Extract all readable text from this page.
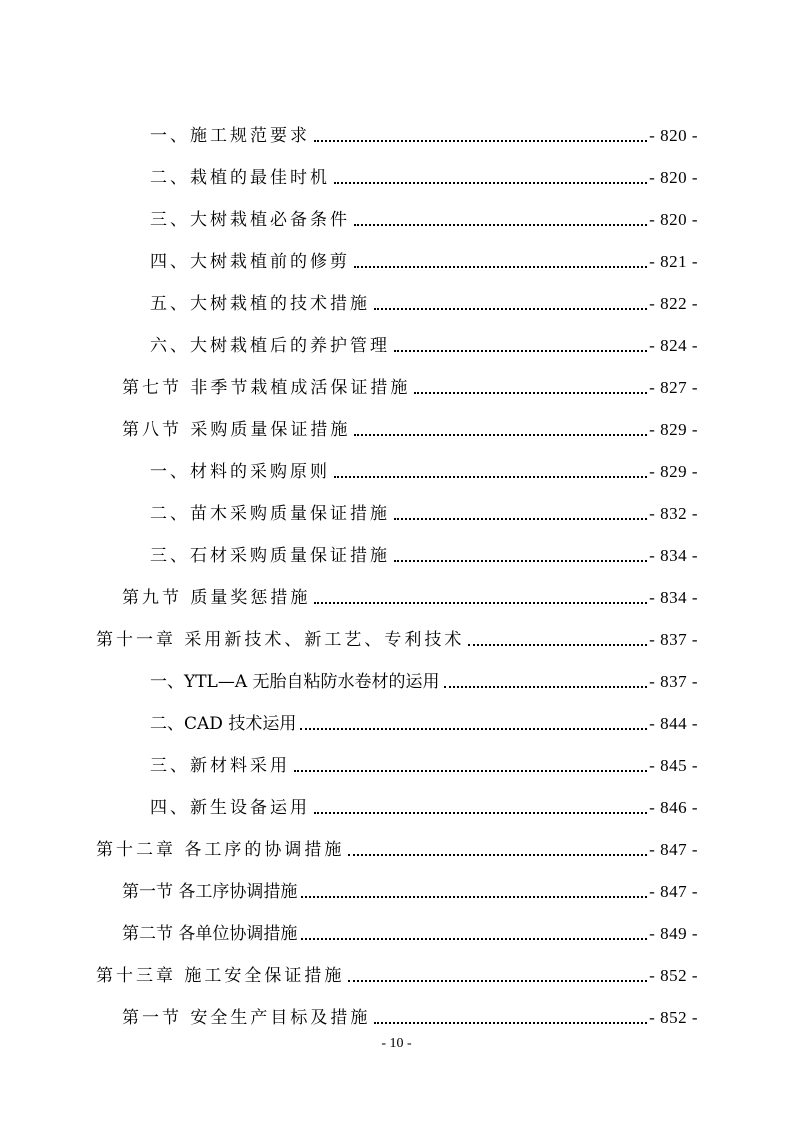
一、施工规范要求	- 820 -
二、栽植的最佳时机	- 820 -
三、大树栽植必备条件	- 820 -
四、大树栽植前的修剪	- 821 -
五、大树栽植的技术措施	- 822 -
六、大树栽植后的养护管理	- 824 -
第七节 非季节栽植成活保证措施	- 827 -
第八节 采购质量保证措施	- 829 -
一、材料的采购原则	- 829 -
二、苗木采购质量保证措施	- 832 -
三、石材采购质量保证措施	- 834 -
第九节 质量奖惩措施	- 834 -
第十一章 采用新技术、新工艺、专利技术	- 837 -
一、YTL—A 无胎自粘防水卷材的运用	- 837 -
二、CAD 技术运用	- 844 -
三、新材料采用	- 845 -
四、新生设备运用	- 846 -
第十二章 各工序的协调措施	- 847 -
第一节 各工序协调措施	- 847 -
第二节 各单位协调措施	- 849 -
第十三章 施工安全保证措施	- 852 -
第一节 安全生产目标及措施	- 852 -
- 10 -
